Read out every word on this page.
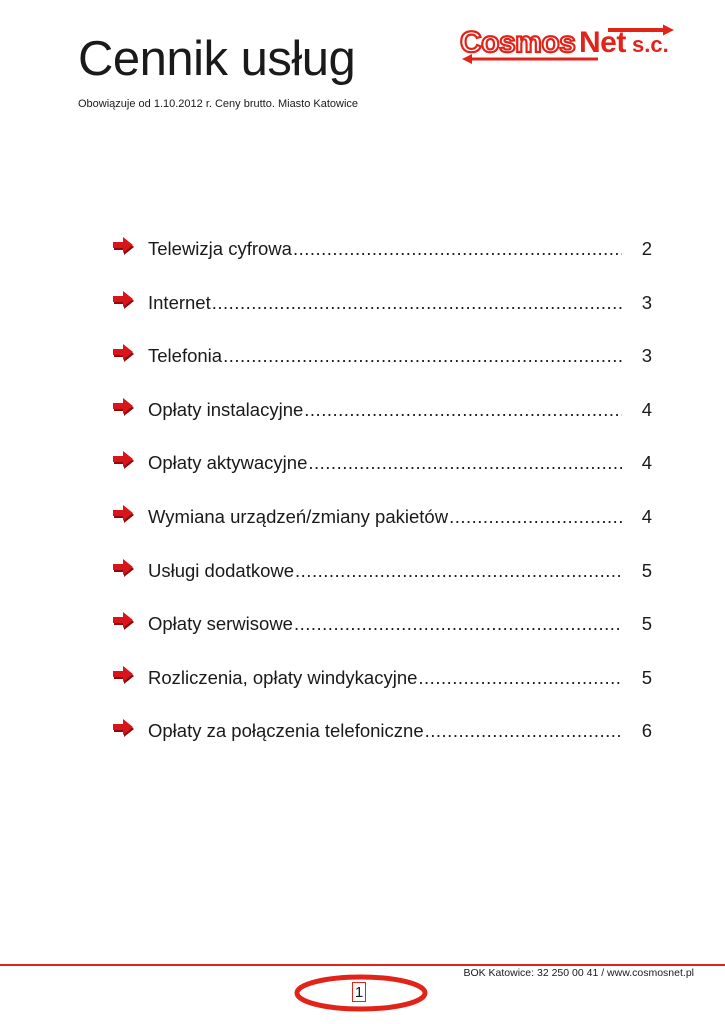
Cennik usług
Obowiązuje od 1.10.2012 r. Ceny brutto. Miasto Katowice
Cosmos Net s.c.
Telewizja cyfrowa .....	2
Internet .....	3
Telefonia .....	3
Opłaty instalacyjne .....	4
Opłaty aktywacyjne .....	4
Wymiana urządzeń/zmiany pakietów .....	4
Usługi dodatkowe .....	5
Opłaty serwisowe .....	5
Rozliczenia, opłaty windykacyjne .....	5
Opłaty za połączenia telefoniczne .....	6
BOK Katowice: 32 250 00 41 / www.cosmosnet.pl
1
